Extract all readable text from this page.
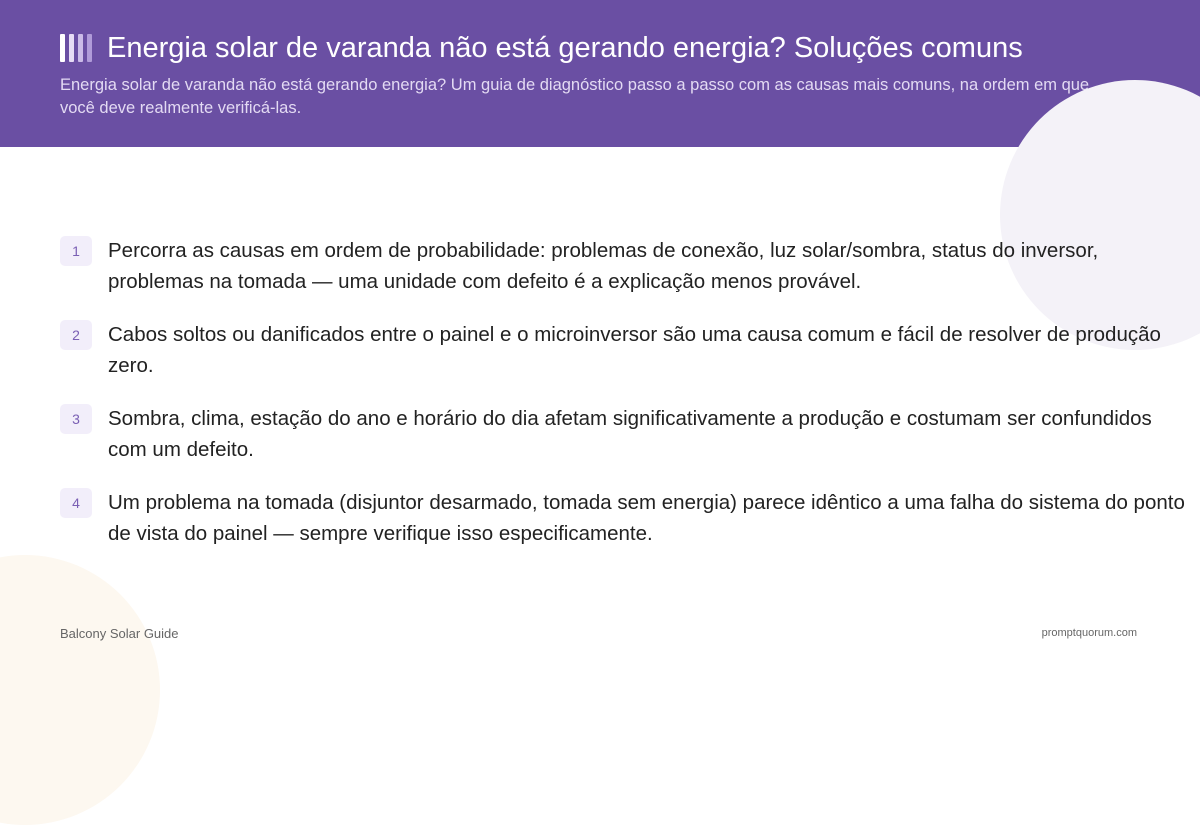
Energia solar de varanda não está gerando energia? Soluções comuns

Energia solar de varanda não está gerando energia? Um guia de diagnóstico passo a passo com as causas mais comuns, na ordem em que você deve realmente verificá-las.

1	Percorra as causas em ordem de probabilidade: problemas de conexão, luz solar/sombra, status do inversor, problemas na tomada — uma unidade com defeito é a explicação menos provável.
2	Cabos soltos ou danificados entre o painel e o microinversor são uma causa comum e fácil de resolver de produção zero.
3	Sombra, clima, estação do ano e horário do dia afetam significativamente a produção e costumam ser confundidos com um defeito.
4	Um problema na tomada (disjuntor desarmado, tomada sem energia) parece idêntico a uma falha do sistema do ponto de vista do painel — sempre verifique isso especificamente.
Balcony Solar Guide	promptquorum.com
